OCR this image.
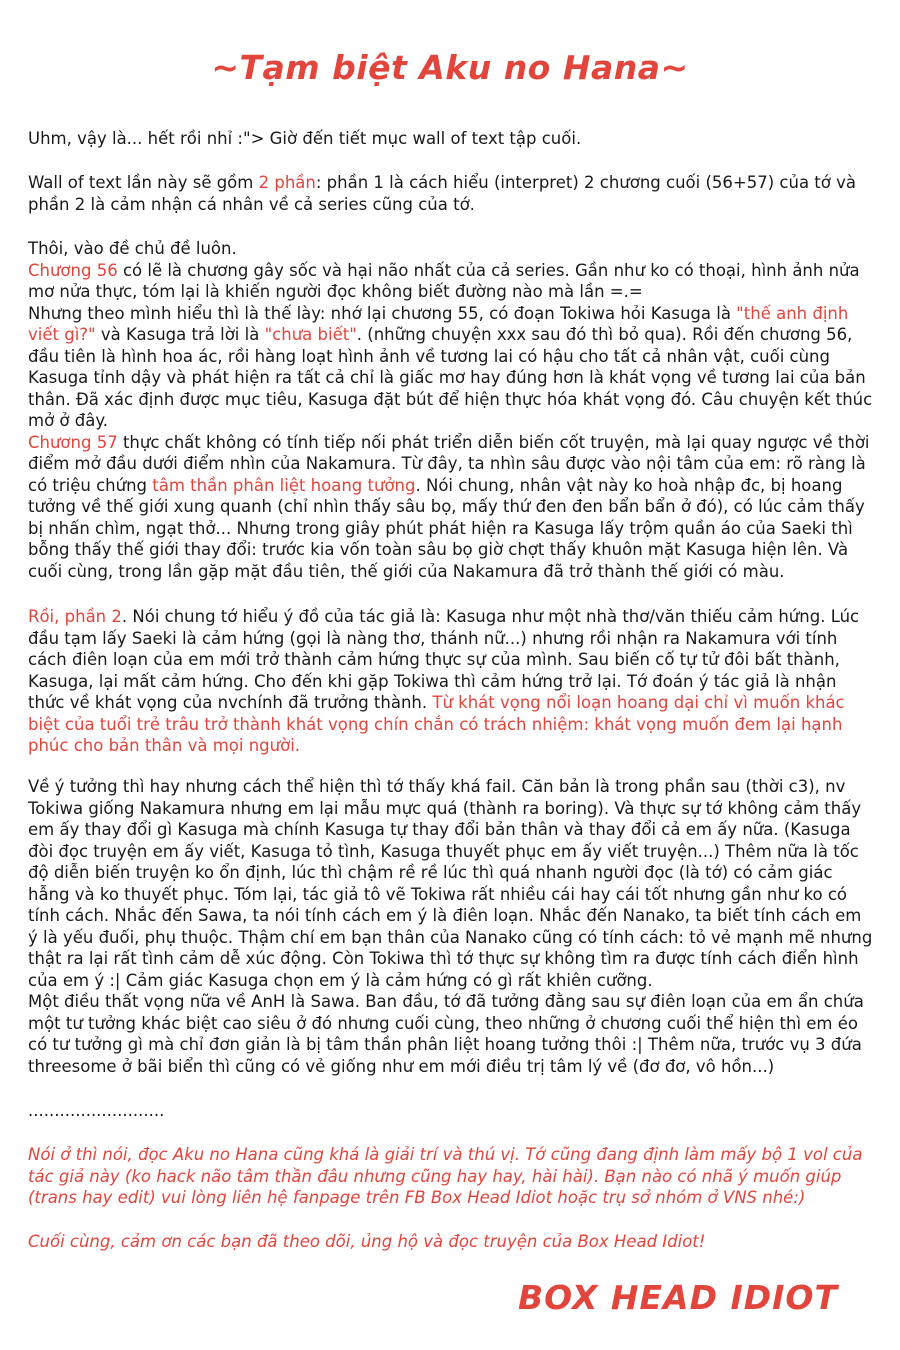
~Tạm biệt Aku no Hana~

Uhm, vậy là... hết rồi nhỉ :"> Giờ đến tiết mục wall of text tập cuối.

Wall of text lần này sẽ gồm 2 phần: phần 1 là cách hiểu (interpret) 2 chương cuối (56+57) của tớ và phần 2 là cảm nhận cá nhân về cả series cũng của tớ.

Thôi, vào đề chủ đề luôn.

Chương 56 có lẽ là chương gây sốc và hại não nhất của cả series. Gần như ko có thoại, hình ảnh nửa mơ nửa thực, tóm lại là khiến người đọc không biết đường nào mà lần =.=

Nhưng theo mình hiểu thì là thế lày: nhớ lại chương 55, có đoạn Tokiwa hỏi Kasuga là "thế anh định viết gì?" và Kasuga trả lời là "chưa biết". (những chuyện xxx sau đó thì bỏ qua). Rồi đến chương 56, đầu tiên là hình hoa ác, rồi hàng loạt hình ảnh về tương lai có hậu cho tất cả nhân vật, cuối cùng Kasuga tỉnh dậy và phát hiện ra tất cả chỉ là giấc mơ hay đúng hơn là khát vọng về tương lai của bản thân. Đã xác định được mục tiêu, Kasuga đặt bút để hiện thực hóa khát vọng đó. Câu chuyện kết thúc mở ở đây.

Chương 57 thực chất không có tính tiếp nối phát triển diễn biến cốt truyện, mà lại quay ngược về thời điểm mở đầu dưới điểm nhìn của Nakamura. Từ đây, ta nhìn sâu được vào nội tâm của em: rõ ràng là có triệu chứng tâm thần phân liệt hoang tưởng. Nói chung, nhân vật này ko hoà nhập đc, bị hoang tưởng về thế giới xung quanh (chỉ nhìn thấy sâu bọ, mấy thứ đen đen bẩn bẩn ở đó), có lúc cảm thấy bị nhấn chìm, ngạt thở... Nhưng trong giây phút phát hiện ra Kasuga lấy trộm quần áo của Saeki thì bỗng thấy thế giới thay đổi: trước kia vốn toàn sâu bọ giờ chợt thấy khuôn mặt Kasuga hiện lên. Và cuối cùng, trong lần gặp mặt đầu tiên, thế giới của Nakamura đã trở thành thế giới có màu.

Rồi, phần 2. Nói chung tớ hiểu ý đồ của tác giả là: Kasuga như một nhà thơ/văn thiếu cảm hứng. Lúc đầu tạm lấy Saeki là cảm hứng (gọi là nàng thơ, thánh nữ...) nhưng rồi nhận ra Nakamura với tính cách điên loạn của em mới trở thành cảm hứng thực sự của mình. Sau biến cố tự tử đôi bất thành, Kasuga, lại mất cảm hứng. Cho đến khi gặp Tokiwa thì cảm hứng trở lại. Tớ đoán ý tác giả là nhận thức về khát vọng của nvchính đã trưởng thành. Từ khát vọng nổi loạn hoang dại chỉ vì muốn khác biệt của tuổi trẻ trâu trở thành khát vọng chín chắn có trách nhiệm: khát vọng muốn đem lại hạnh phúc cho bản thân và mọi người.

Về ý tưởng thì hay nhưng cách thể hiện thì tớ thấy khá fail. Căn bản là trong phần sau (thời c3), nv Tokiwa giống Nakamura nhưng em lại mẫu mực quá (thành ra boring). Và thực sự tớ không cảm thấy em ấy thay đổi gì Kasuga mà chính Kasuga tự thay đổi bản thân và thay đổi cả em ấy nữa. (Kasuga đòi đọc truyện em ấy viết, Kasuga tỏ tình, Kasuga thuyết phục em ấy viết truyện...) Thêm nữa là tốc độ diễn biến truyện ko ổn định, lúc thì chậm rề rề lúc thì quá nhanh người đọc (là tớ) có cảm giác hẫng và ko thuyết phục. Tóm lại, tác giả tô vẽ Tokiwa rất nhiều cái hay cái tốt nhưng gần như ko có tính cách. Nhắc đến Sawa, ta nói tính cách em ý là điên loạn. Nhắc đến Nanako, ta biết tính cách em ý là yếu đuối, phụ thuộc. Thậm chí em bạn thân của Nanako cũng có tính cách: tỏ vẻ mạnh mẽ nhưng thật ra lại rất tình cảm dễ xúc động. Còn Tokiwa thì tớ thực sự không tìm ra được tính cách điển hình của em ý :| Cảm giác Kasuga chọn em ý là cảm hứng có gì rất khiên cưỡng.

Một điều thất vọng nữa về AnH là Sawa. Ban đầu, tớ đã tưởng đằng sau sự điên loạn của em ẩn chứa một tư tưởng khác biệt cao siêu ở đó nhưng cuối cùng, theo những ở chương cuối thể hiện thì em éo có tư tưởng gì mà chỉ đơn giản là bị tâm thần phân liệt hoang tưởng thôi :| Thêm nữa, trước vụ 3 đứa threesome ở bãi biển thì cũng có vẻ giống như em mới điều trị tâm lý về (đơ đơ, vô hồn...)

..........................

Nói ở thì nói, đọc Aku no Hana cũng khá là giải trí và thú vị. Tớ cũng đang định làm mấy bộ 1 vol của tác giả này (ko hack não tâm thần đâu nhưng cũng hay hay, hài hài). Bạn nào có nhã ý muốn giúp (trans hay edit) vui lòng liên hệ fanpage trên FB Box Head Idiot hoặc trụ sở nhóm ở VNS nhé:)

Cuối cùng, cảm ơn các bạn đã theo dõi, ủng hộ và đọc truyện của Box Head Idiot!

BOX HEAD IDIOT
